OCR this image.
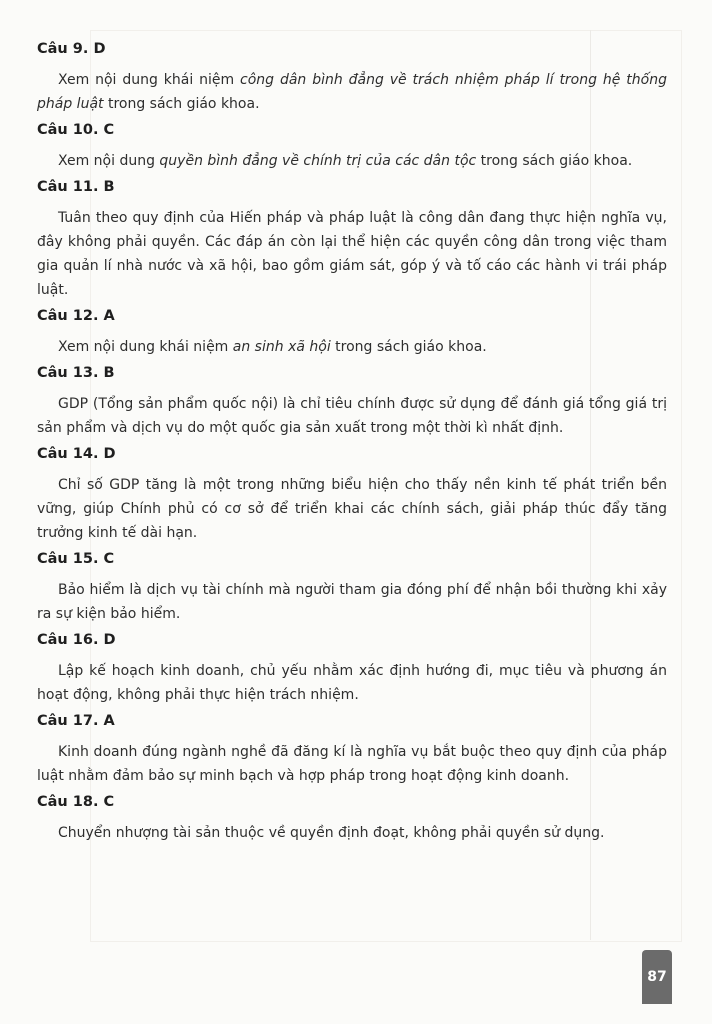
Câu 9. D

Xem nội dung khái niệm công dân bình đẳng về trách nhiệm pháp lí trong hệ thống pháp luật trong sách giáo khoa.

Câu 10. C

Xem nội dung quyền bình đẳng về chính trị của các dân tộc trong sách giáo khoa.

Câu 11. B

Tuân theo quy định của Hiến pháp và pháp luật là công dân đang thực hiện nghĩa vụ, đây không phải quyền. Các đáp án còn lại thể hiện các quyền công dân trong việc tham gia quản lí nhà nước và xã hội, bao gồm giám sát, góp ý và tố cáo các hành vi trái pháp luật.

Câu 12. A

Xem nội dung khái niệm an sinh xã hội trong sách giáo khoa.

Câu 13. B

GDP (Tổng sản phẩm quốc nội) là chỉ tiêu chính được sử dụng để đánh giá tổng giá trị sản phẩm và dịch vụ do một quốc gia sản xuất trong một thời kì nhất định.

Câu 14. D

Chỉ số GDP tăng là một trong những biểu hiện cho thấy nền kinh tế phát triển bền vững, giúp Chính phủ có cơ sở để triển khai các chính sách, giải pháp thúc đẩy tăng trưởng kinh tế dài hạn.

Câu 15. C

Bảo hiểm là dịch vụ tài chính mà người tham gia đóng phí để nhận bồi thường khi xảy ra sự kiện bảo hiểm.

Câu 16. D

Lập kế hoạch kinh doanh, chủ yếu nhằm xác định hướng đi, mục tiêu và phương án hoạt động, không phải thực hiện trách nhiệm.

Câu 17. A

Kinh doanh đúng ngành nghề đã đăng kí là nghĩa vụ bắt buộc theo quy định của pháp luật nhằm đảm bảo sự minh bạch và hợp pháp trong hoạt động kinh doanh.

Câu 18. C

Chuyển nhượng tài sản thuộc về quyền định đoạt, không phải quyền sử dụng.

87
